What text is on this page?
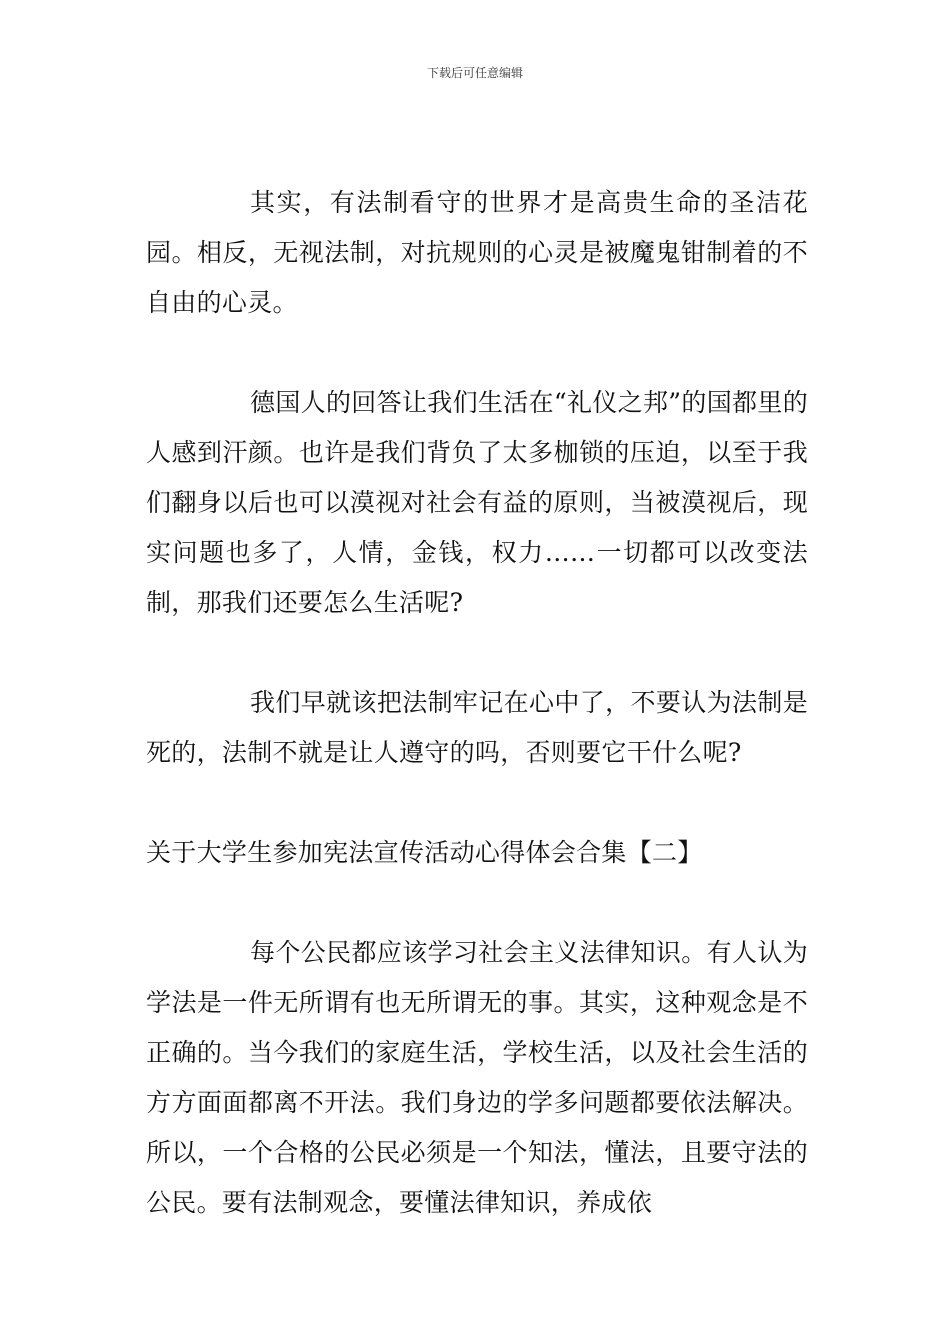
下载后可任意编辑

其实，有法制看守的世界才是高贵生命的圣洁花园。相反，无视法制，对抗规则的心灵是被魔鬼钳制着的不自由的心灵。

德国人的回答让我们生活在“礼仪之邦”的国都里的人感到汗颜。也许是我们背负了太多枷锁的压迫，以至于我们翻身以后也可以漠视对社会有益的原则，当被漠视后，现实问题也多了，人情，金钱，权力……一切都可以改变法制，那我们还要怎么生活呢?

我们早就该把法制牢记在心中了，不要认为法制是死的，法制不就是让人遵守的吗，否则要它干什么呢?

关于大学生参加宪法宣传活动心得体会合集【二】

每个公民都应该学习社会主义法律知识。有人认为学法是一件无所谓有也无所谓无的事。其实，这种观念是不正确的。当今我们的家庭生活，学校生活，以及社会生活的方方面面都离不开法。我们身边的学多问题都要依法解决。所以，一个合格的公民必须是一个知法，懂法，且要守法的公民。要有法制观念，要懂法律知识，养成依
